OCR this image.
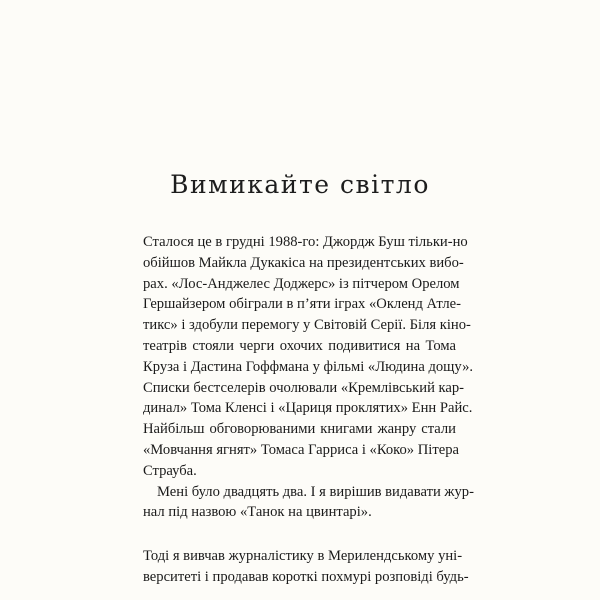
Вимикайте світло

Сталося це в грудні 1988-го: Джордж Буш тільки-но
обійшов Майкла Дукакіса на президентських вибо-
рах. «Лос-Анджелес Доджерс» із пітчером Орелом
Гершайзером обіграли в п’яти іграх «Окленд Атле-
тикс» і здобули перемогу у Світовій Серії. Біля кіно-
театрів стояли черги охочих подивитися на Тома
Круза і Дастина Гоффмана у фільмі «Людина дощу».
Списки бестселерів очолювали «Кремлівський кар-
динал» Тома Кленсі і «Цариця проклятих» Енн Райс.
Найбільш обговорюваними книгами жанру стали
«Мовчання ягнят» Томаса Гарриса і «Коко» Пітера
Страуба.

Мені було двадцять два. І я вирішив видавати жур-
нал під назвою «Танок на цвинтарі».

Тоді я вивчав журналістику в Мерилендському уні-
верситеті і продавав короткі похмурі розповіді будь-
